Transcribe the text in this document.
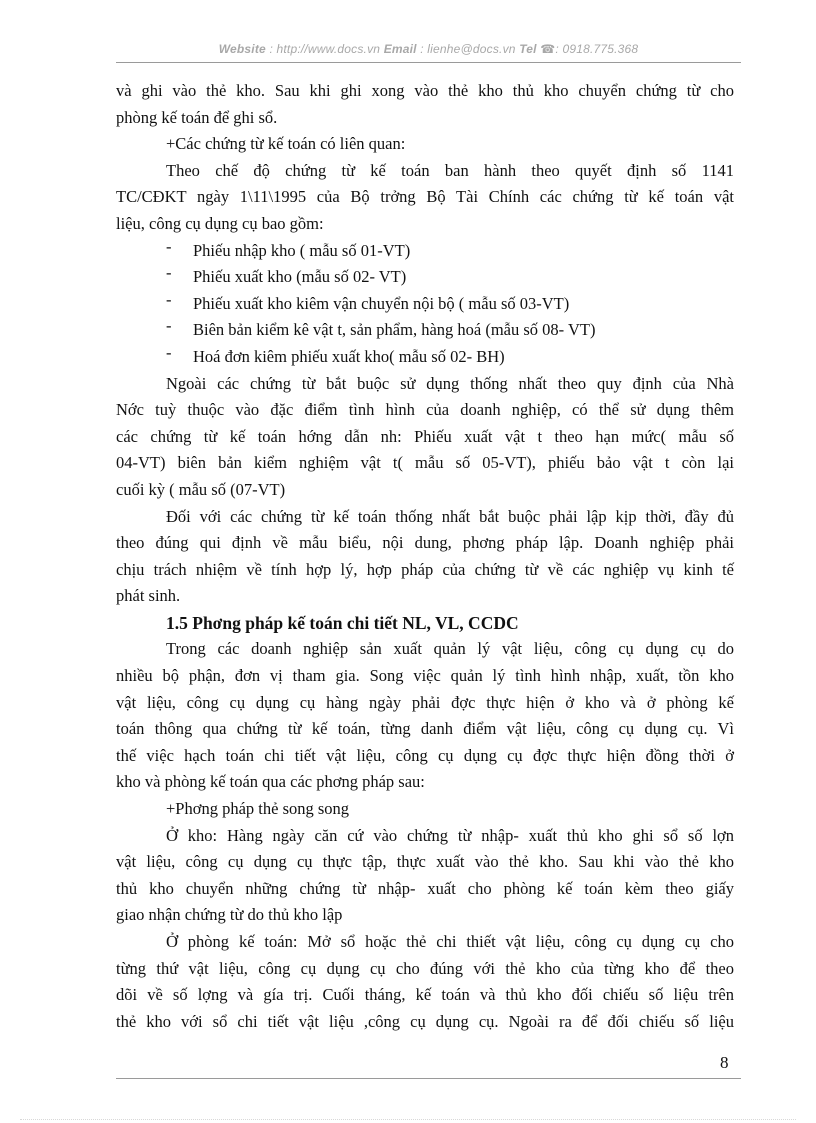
Website : http://www.docs.vn Email : lienhe@docs.vn Tel ☎: 0918.775.368

và ghi vào thẻ kho. Sau khi ghi xong vào thẻ kho thủ kho chuyển chứng từ cho

phòng kế toán để ghi sổ.

+Các chứng từ kế toán có liên quan:

Theo chế độ chứng từ kế toán ban hành theo quyết định số 1141

TC/CĐKT ngày 1\11\1995 của Bộ trởng Bộ Tài Chính các chứng từ kế toán vật

liệu, công cụ dụng cụ bao gồm:

- Phiếu nhập kho ( mẫu số 01-VT)

- Phiếu xuất kho (mẫu số 02- VT)

- Phiếu xuất kho kiêm vận chuyển nội bộ ( mẫu số 03-VT)

- Biên bản kiểm kê vật t, sản phẩm, hàng hoá (mẫu số 08- VT)

- Hoá đơn kiêm phiếu xuất kho( mẫu số 02- BH)

Ngoài các chứng từ bắt buộc sử dụng thống nhất theo quy định của Nhà

Nớc tuỳ thuộc vào đặc điểm tình hình của doanh nghiệp, có thể sử dụng thêm

các chứng từ kế toán hớng dẫn nh: Phiếu xuất vật t theo hạn mức( mẫu số

04-VT) biên bản kiểm nghiệm vật t( mẫu số 05-VT), phiếu bảo vật t còn lại

cuối kỳ ( mẫu số (07-VT)

Đối với các chứng từ kế toán thống nhất bắt buộc phải lập kịp thời, đầy đủ

theo đúng qui định về mẫu biểu, nội dung, phơng pháp lập. Doanh nghiệp phải

chịu trách nhiệm về tính hợp lý, hợp pháp của chứng từ về các nghiệp vụ kinh tế

phát sinh.

1.5 Phơng pháp kế toán chi tiết NL, VL, CCDC

Trong các doanh nghiệp sản xuất quản lý vật liệu, công cụ dụng cụ do

nhiều bộ phận, đơn vị tham gia. Song việc quản lý tình hình nhập, xuất, tồn kho

vật liệu, công cụ dụng cụ hàng ngày phải đợc thực hiện ở kho và ở phòng kế

toán thông qua chứng từ kế toán, từng danh điểm vật liệu, công cụ dụng cụ. Vì

thế việc hạch toán chi tiết vật liệu, công cụ dụng cụ đợc thực hiện đồng thời ở

kho và phòng kế toán qua các phơng pháp sau:

+Phơng pháp thẻ song song

Ở kho: Hàng ngày căn cứ vào chứng từ nhập- xuất thủ kho ghi sổ số lợn

vật liệu, công cụ dụng cụ thực tập, thực xuất vào thẻ kho. Sau khi vào thẻ kho

thủ kho chuyển những chứng từ nhập- xuất cho phòng kế toán kèm theo giấy

giao nhận chứng từ do thủ kho lập

Ở phòng kế toán: Mở sổ hoặc thẻ chi thiết vật liệu, công cụ dụng cụ cho

từng thứ vật liệu, công cụ dụng cụ cho đúng với thẻ kho của từng kho để theo

dõi về số lợng và gía trị. Cuối tháng, kế toán và thủ kho đối chiếu số liệu trên

thẻ kho với sổ chi tiết vật liệu ,công cụ dụng cụ. Ngoài ra để đối chiếu số liệu

8
